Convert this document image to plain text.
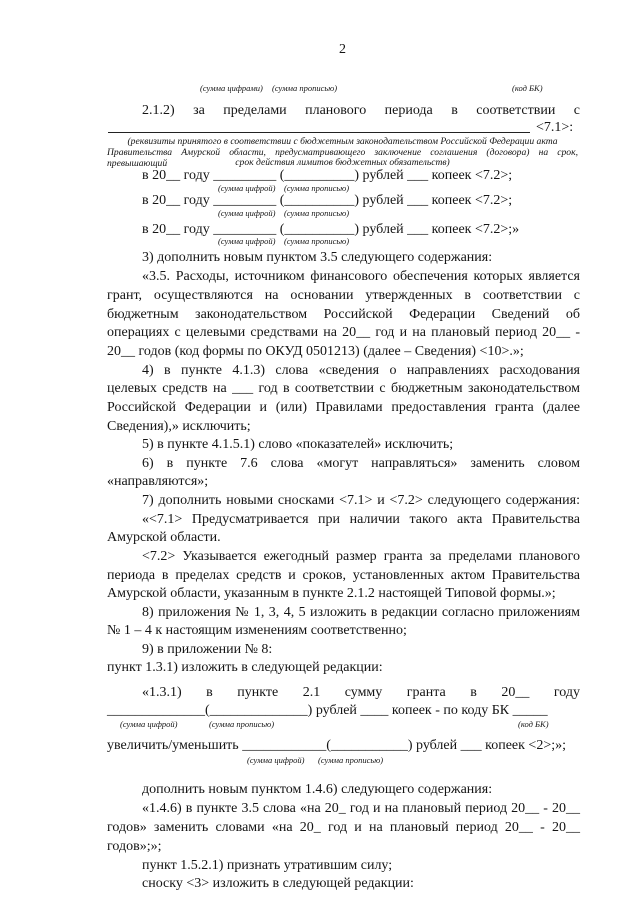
2
(сумма цифрами) (сумма прописью)	(код БК)
2.1.2) за пределами планового периода в соответствии с
<7.1>:
(реквизиты принятого в соответствии с бюджетным законодательством Российской Федерации акта
Правительства Амурской области, предусматривающего заключение соглашения (договора) на срок, превышающий	срок действия лимитов бюджетных обязательств)
в 20__ году _________ (__________) рублей ___ копеек <7.2>;
(сумма цифрой) (сумма прописью)
в 20__ году _________ (__________) рублей ___ копеек <7.2>;
(сумма цифрой) (сумма прописью)
в 20__ году _________ (__________) рублей ___ копеек <7.2>;»
(сумма цифрой) (сумма прописью)
3) дополнить новым пунктом 3.5 следующего содержания:
«3.5. Расходы, источником финансового обеспечения которых является
грант, осуществляются на основании утвержденных в соответствии с
бюджетным законодательством Российской Федерации Сведений об
операциях с целевыми средствами на 20__ год и на плановый период 20__ -
20__ годов (код формы по ОКУД 0501213) (далее – Сведения) <10>.»;
4) в пункте 4.1.3) слова «сведения о направлениях расходования
целевых средств на ___ год в соответствии с бюджетным законодательством
Российской Федерации и (или) Правилами предоставления гранта (далее
Сведения),» исключить;
5) в пункте 4.1.5.1) слово «показателей» исключить;
6) в пункте 7.6 слова «могут направляться» заменить словом
«направляются»;
7) дополнить новыми сносками <7.1> и <7.2> следующего содержания:
«<7.1> Предусматривается при наличии такого акта Правительства
Амурской области.
<7.2> Указывается ежегодный размер гранта за пределами планового
периода в пределах средств и сроков, установленных актом Правительства
Амурской области, указанным в пункте 2.1.2 настоящей Типовой формы.»;
8) приложения № 1, 3, 4, 5 изложить в редакции согласно приложениям
№ 1 – 4 к настоящим изменениям соответственно;
9) в приложении № 8:
пункт 1.3.1) изложить в следующей редакции:
«1.3.1) в пункте 2.1 сумму гранта в 20__ году
______________(______________) рублей ____ копеек - по коду БК _____
(сумма цифрой)	(сумма прописью)	(код БК)
увеличить/уменьшить ____________(___________) рублей ___ копеек <2>;»;
(сумма цифрой) (сумма прописью)
дополнить новым пунктом 1.4.6) следующего содержания:
«1.4.6) в пункте 3.5 слова «на 20_ год и на плановый период 20__ - 20__
годов» заменить словами «на 20_ год и на плановый период 20__ - 20__
годов»;»;
пункт 1.5.2.1) признать утратившим силу;
сноску <3> изложить в следующей редакции:
